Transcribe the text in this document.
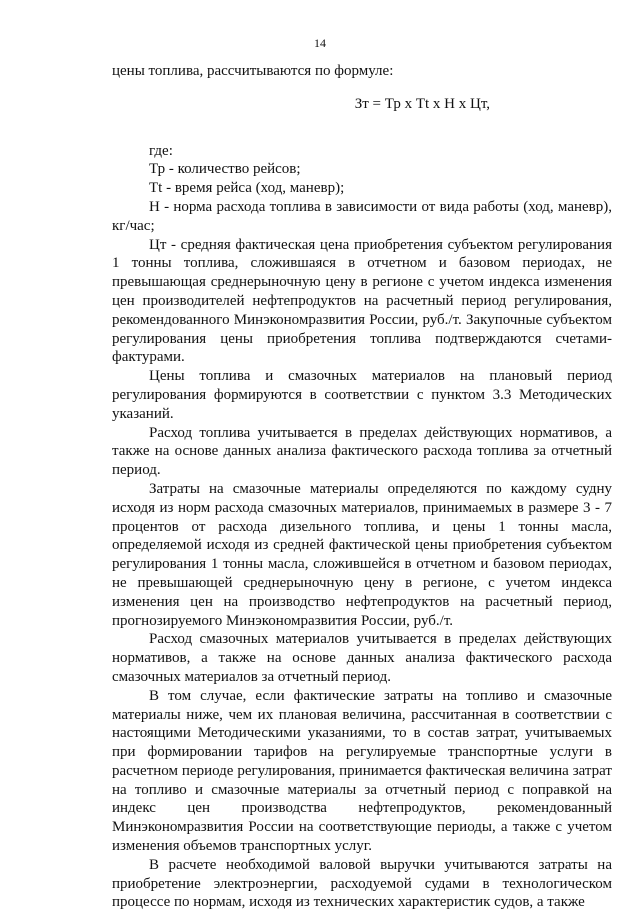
14

цены топлива, рассчитываются по формуле:

Зт = Тр х Tt х Н х Цт,

где:

Тр - количество рейсов;

Tt - время рейса (ход, маневр);

Н - норма расхода топлива в зависимости от вида работы (ход, маневр), кг/час;

Цт - средняя фактическая цена приобретения субъектом регулирования 1 тонны топлива, сложившаяся в отчетном и базовом периодах, не превышающая среднерыночную цену в регионе с учетом индекса изменения цен производителей нефтепродуктов на расчетный период регулирования, рекомендованного Минэкономразвития России, руб./т. Закупочные субъектом регулирования цены приобретения топлива подтверждаются счетами-фактурами.

Цены топлива и смазочных материалов на плановый период регулирования формируются в соответствии с пунктом 3.3 Методических указаний.

Расход топлива учитывается в пределах действующих нормативов, а также на основе данных анализа фактического расхода топлива за отчетный период.

Затраты на смазочные материалы определяются по каждому судну исходя из норм расхода смазочных материалов, принимаемых в размере 3 - 7 процентов от расхода дизельного топлива, и цены 1 тонны масла, определяемой исходя из средней фактической цены приобретения субъектом регулирования 1 тонны масла, сложившейся в отчетном и базовом периодах, не превышающей среднерыночную цену в регионе, с учетом индекса изменения цен на производство нефтепродуктов на расчетный период, прогнозируемого Минэкономразвития России, руб./т.

Расход смазочных материалов учитывается в пределах действующих нормативов, а также на основе данных анализа фактического расхода смазочных материалов за отчетный период.

В том случае, если фактические затраты на топливо и смазочные материалы ниже, чем их плановая величина, рассчитанная в соответствии с настоящими Методическими указаниями, то в состав затрат, учитываемых при формировании тарифов на регулируемые транспортные услуги в расчетном периоде регулирования, принимается фактическая величина затрат на топливо и смазочные материалы за отчетный период с поправкой на индекс цен производства нефтепродуктов, рекомендованный Минэкономразвития России на соответствующие периоды, а также с учетом изменения объемов транспортных услуг.

В расчете необходимой валовой выручки учитываются затраты на приобретение электроэнергии, расходуемой судами в технологическом процессе по нормам, исходя из технических характеристик судов, а также
